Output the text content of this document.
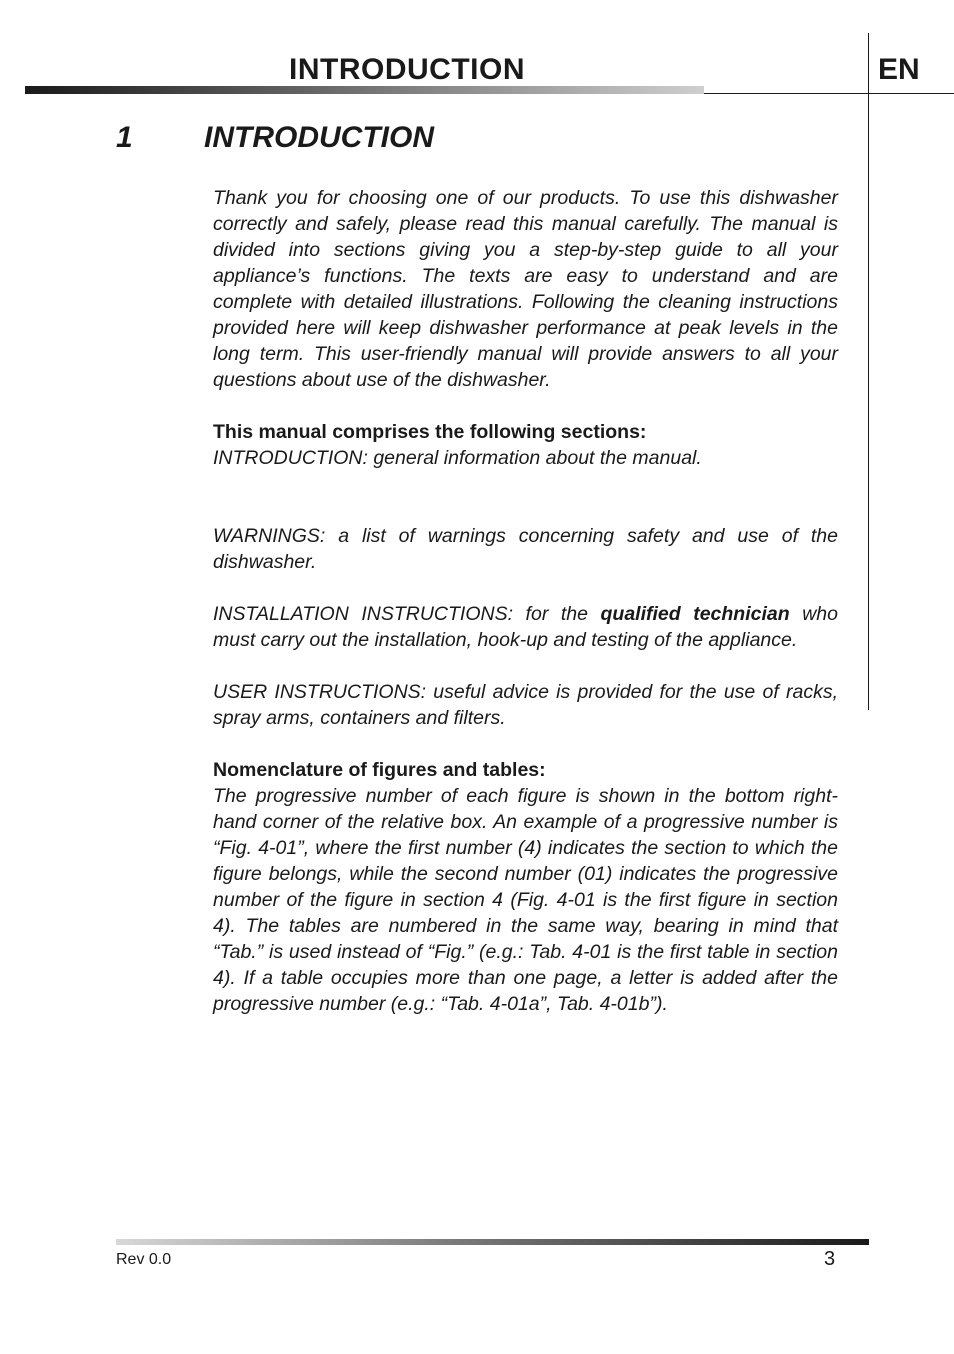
INTRODUCTION	EN
1 INTRODUCTION

Thank you for choosing one of our products. To use this dishwasher correctly and safely, please read this manual carefully. The manual is divided into sections giving you a step-by-step guide to all your appliance’s functions. The texts are easy to understand and are complete with detailed illustrations. Following the cleaning instructions provided here will keep dishwasher performance at peak levels in the long term. This user-friendly manual will provide answers to all your questions about use of the dishwasher.

This manual comprises the following sections:

INTRODUCTION: general information about the manual.

WARNINGS: a list of warnings concerning safety and use of the dishwasher.

INSTALLATION INSTRUCTIONS: for the qualified technician who must carry out the installation, hook-up and testing of the appliance.

USER INSTRUCTIONS: useful advice is provided for the use of racks, spray arms, containers and filters.

Nomenclature of figures and tables:

The progressive number of each figure is shown in the bottom right-hand corner of the relative box. An example of a progressive number is “Fig. 4-01”, where the first number (4) indicates the section to which the figure belongs, while the second number (01) indicates the progressive number of the figure in section 4 (Fig. 4-01 is the first figure in section 4). The tables are numbered in the same way, bearing in mind that “Tab.” is used instead of “Fig.” (e.g.: Tab. 4-01 is the first table in section 4). If a table occupies more than one page, a letter is added after the progressive number (e.g.: “Tab. 4-01a”, Tab. 4-01b”).

Rev 0.0	3
